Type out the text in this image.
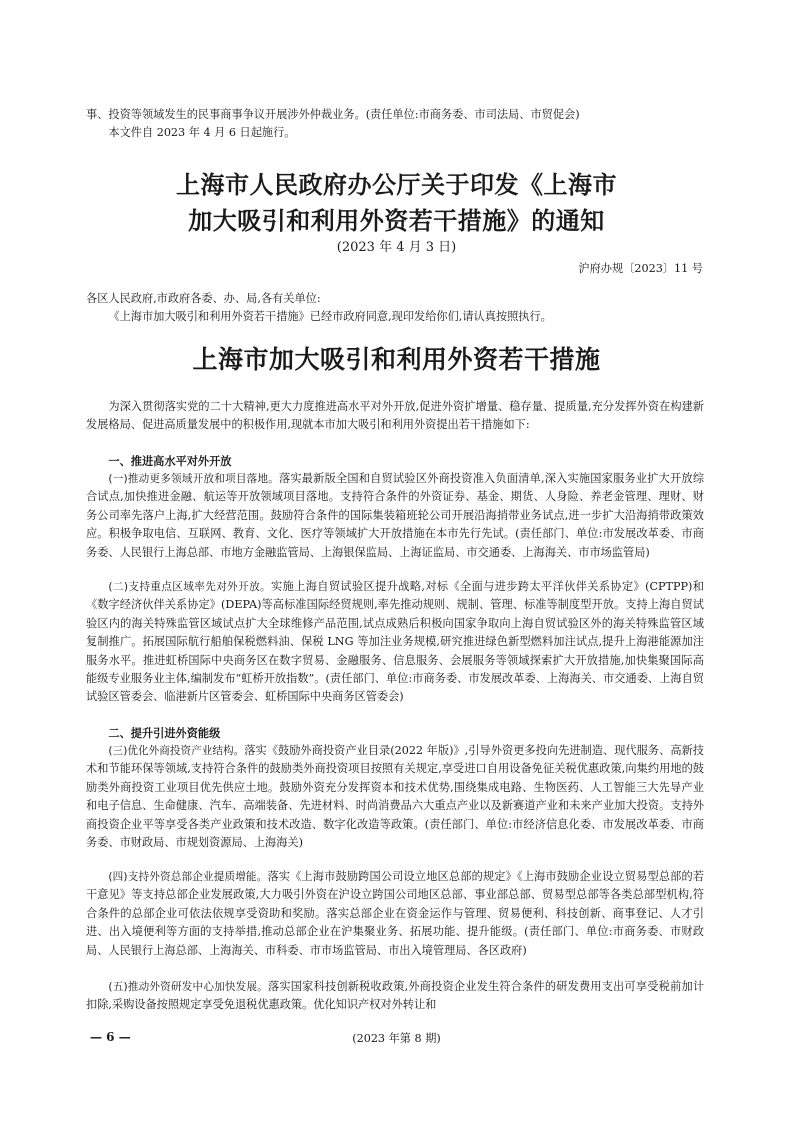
事、投资等领域发生的民事商事争议开展涉外仲裁业务。(责任单位:市商务委、市司法局、市贸促会)

本文件自 2023 年 4 月 6 日起施行。

上海市人民政府办公厅关于印发《上海市
加大吸引和利用外资若干措施》的通知

(2023 年 4 月 3 日)

沪府办规〔2023〕11 号

各区人民政府,市政府各委、办、局,各有关单位:

《上海市加大吸引和利用外资若干措施》已经市政府同意,现印发给你们,请认真按照执行。

上海市加大吸引和利用外资若干措施

为深入贯彻落实党的二十大精神,更大力度推进高水平对外开放,促进外资扩增量、稳存量、提质量,充分发挥外资在构建新发展格局、促进高质量发展中的积极作用,现就本市加大吸引和利用外资提出若干措施如下:

一、推进高水平对外开放

(一)推动更多领域开放和项目落地。落实最新版全国和自贸试验区外商投资准入负面清单,深入实施国家服务业扩大开放综合试点,加快推进金融、航运等开放领域项目落地。支持符合条件的外资证券、基金、期货、人身险、养老金管理、理财、财务公司率先落户上海,扩大经营范围。鼓励符合条件的国际集装箱班轮公司开展沿海捎带业务试点,进一步扩大沿海捎带政策效应。积极争取电信、互联网、教育、文化、医疗等领域扩大开放措施在本市先行先试。(责任部门、单位:市发展改革委、市商务委、人民银行上海总部、市地方金融监管局、上海银保监局、上海证监局、市交通委、上海海关、市市场监管局)

(二)支持重点区域率先对外开放。实施上海自贸试验区提升战略,对标《全面与进步跨太平洋伙伴关系协定》(CPTPP)和《数字经济伙伴关系协定》(DEPA)等高标准国际经贸规则,率先推动规则、规制、管理、标准等制度型开放。支持上海自贸试验区内的海关特殊监管区域试点扩大全球维修产品范围,试点成熟后积极向国家争取向上海自贸试验区外的海关特殊监管区域复制推广。拓展国际航行船舶保税燃料油、保税 LNG 等加注业务规模,研究推进绿色新型燃料加注试点,提升上海港能源加注服务水平。推进虹桥国际中央商务区在数字贸易、金融服务、信息服务、会展服务等领域探索扩大开放措施,加快集聚国际高能级专业服务业主体,编制发布“虹桥开放指数”。(责任部门、单位:市商务委、市发展改革委、上海海关、市交通委、上海自贸试验区管委会、临港新片区管委会、虹桥国际中央商务区管委会)

二、提升引进外资能级

(三)优化外商投资产业结构。落实《鼓励外商投资产业目录(2022 年版)》,引导外资更多投向先进制造、现代服务、高新技术和节能环保等领域,支持符合条件的鼓励类外商投资项目按照有关规定,享受进口自用设备免征关税优惠政策,向集约用地的鼓励类外商投资工业项目优先供应土地。鼓励外资充分发挥资本和技术优势,围绕集成电路、生物医药、人工智能三大先导产业和电子信息、生命健康、汽车、高端装备、先进材料、时尚消费品六大重点产业以及新赛道产业和未来产业加大投资。支持外商投资企业平等享受各类产业政策和技术改造、数字化改造等政策。(责任部门、单位:市经济信息化委、市发展改革委、市商务委、市财政局、市规划资源局、上海海关)

(四)支持外资总部企业提质增能。落实《上海市鼓励跨国公司设立地区总部的规定》《上海市鼓励企业设立贸易型总部的若干意见》等支持总部企业发展政策,大力吸引外资在沪设立跨国公司地区总部、事业部总部、贸易型总部等各类总部型机构,符合条件的总部企业可依法依规享受资助和奖励。落实总部企业在资金运作与管理、贸易便利、科技创新、商事登记、人才引进、出入境便利等方面的支持举措,推动总部企业在沪集聚业务、拓展功能、提升能级。(责任部门、单位:市商务委、市财政局、人民银行上海总部、上海海关、市科委、市市场监管局、市出入境管理局、各区政府)

(五)推动外资研发中心加快发展。落实国家科技创新税收政策,外商投资企业发生符合条件的研发费用支出可享受税前加计扣除,采购设备按照规定享受免退税优惠政策。优化知识产权对外转让和

— 6 —	(2023 年第 8 期)
